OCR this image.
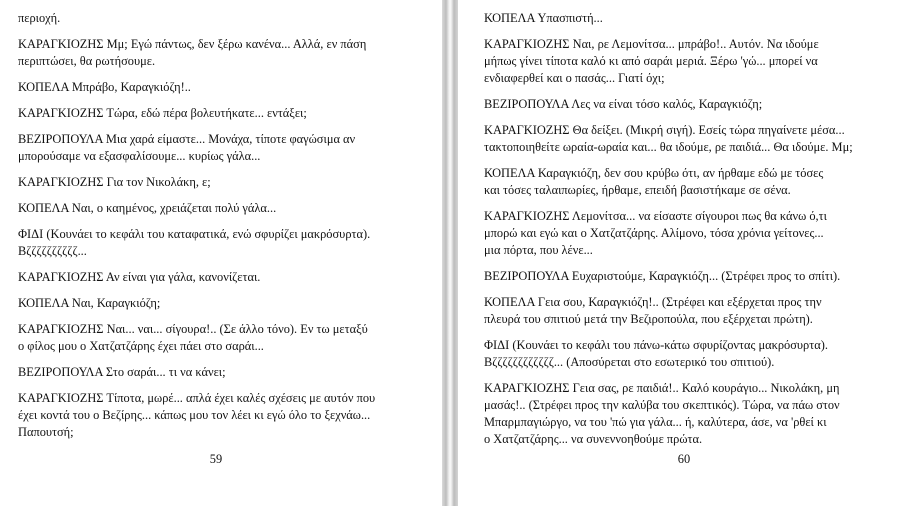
περιοχή.

ΚΑΡΑΓΚΙΟΖΗΣ Μμ; Εγώ πάντως, δεν ξέρω κανένα... Αλλά, εν πάση
περιπτώσει, θα ρωτήσουμε.

ΚΟΠΕΛΑ Μπράβο, Καραγκιόζη!..

ΚΑΡΑΓΚΙΟΖΗΣ Τώρα, εδώ πέρα βολευτήκατε... εντάξει;

ΒΕΖΙΡΟΠΟΥΛΑ Μια χαρά είμαστε... Μονάχα, τίποτε φαγώσιμα αν
μπορούσαμε να εξασφαλίσουμε... κυρίως γάλα...

ΚΑΡΑΓΚΙΟΖΗΣ Για τον Νικολάκη, ε;

ΚΟΠΕΛΑ Ναι, ο καημένος, χρειάζεται πολύ γάλα...

ΦΙΔΙ (Κουνάει το κεφάλι του καταφατικά, ενώ σφυρίζει μακρόσυρτα).
Βζζζζζζζζζζ...

ΚΑΡΑΓΚΙΟΖΗΣ Αν είναι για γάλα, κανονίζεται.

ΚΟΠΕΛΑ Ναι, Καραγκιόζη;

ΚΑΡΑΓΚΙΟΖΗΣ Ναι... ναι... σίγουρα!.. (Σε άλλο τόνο). Εν τω μεταξύ
ο φίλος μου ο Χατζατζάρης έχει πάει στο σαράι...

ΒΕΖΙΡΟΠΟΥΛΑ Στο σαράι... τι να κάνει;

ΚΑΡΑΓΚΙΟΖΗΣ Τίποτα, μωρέ... απλά έχει καλές σχέσεις με αυτόν που
έχει κοντά του ο Βεζίρης... κάπως μου τον λέει κι εγώ όλο το ξεχνάω...
Παπουτσή;

59

ΚΟΠΕΛΑ Υπασπιστή...

ΚΑΡΑΓΚΙΟΖΗΣ Ναι, ρε Λεμονίτσα... μπράβο!.. Αυτόν. Να ιδούμε
μήπως γίνει τίποτα καλό κι από σαράι μεριά. Ξέρω 'γώ... μπορεί να
ενδιαφερθεί και ο πασάς... Γιατί όχι;

ΒΕΖΙΡΟΠΟΥΛΑ Λες να είναι τόσο καλός, Καραγκιόζη;

ΚΑΡΑΓΚΙΟΖΗΣ Θα δείξει. (Μικρή σιγή). Εσείς τώρα πηγαίνετε μέσα...
τακτοποιηθείτε ωραία-ωραία και... θα ιδούμε, ρε παιδιά... Θα ιδούμε. Μμ;

ΚΟΠΕΛΑ Καραγκιόζη, δεν σου κρύβω ότι, αν ήρθαμε εδώ με τόσες
και τόσες ταλαιπωρίες, ήρθαμε, επειδή βασιστήκαμε σε σένα.

ΚΑΡΑΓΚΙΟΖΗΣ Λεμονίτσα... να είσαστε σίγουροι πως θα κάνω ό,τι
μπορώ και εγώ και ο Χατζατζάρης. Αλίμονο, τόσα χρόνια γείτονες...
μια πόρτα, που λένε...

ΒΕΖΙΡΟΠΟΥΛΑ Ευχαριστούμε, Καραγκιόζη... (Στρέφει προς το σπίτι).

ΚΟΠΕΛΑ Γεια σου, Καραγκιόζη!.. (Στρέφει και εξέρχεται προς την
πλευρά του σπιτιού μετά την Βεζιροπούλα, που εξέρχεται πρώτη).

ΦΙΔΙ (Κουνάει το κεφάλι του πάνω-κάτω σφυρίζοντας μακρόσυρτα).
Βζζζζζζζζζζζζ... (Αποσύρεται στο εσωτερικό του σπιτιού).

ΚΑΡΑΓΚΙΟΖΗΣ Γεια σας, ρε παιδιά!.. Καλό κουράγιο... Νικολάκη, μη
μασάς!.. (Στρέφει προς την καλύβα του σκεπτικός). Τώρα, να πάω στον
Μπαρμπαγιώργο, να του 'πώ για γάλα... ή, καλύτερα, άσε, να 'ρθεί κι
ο Χατζατζάρης... να συνεννοηθούμε πρώτα.

60
